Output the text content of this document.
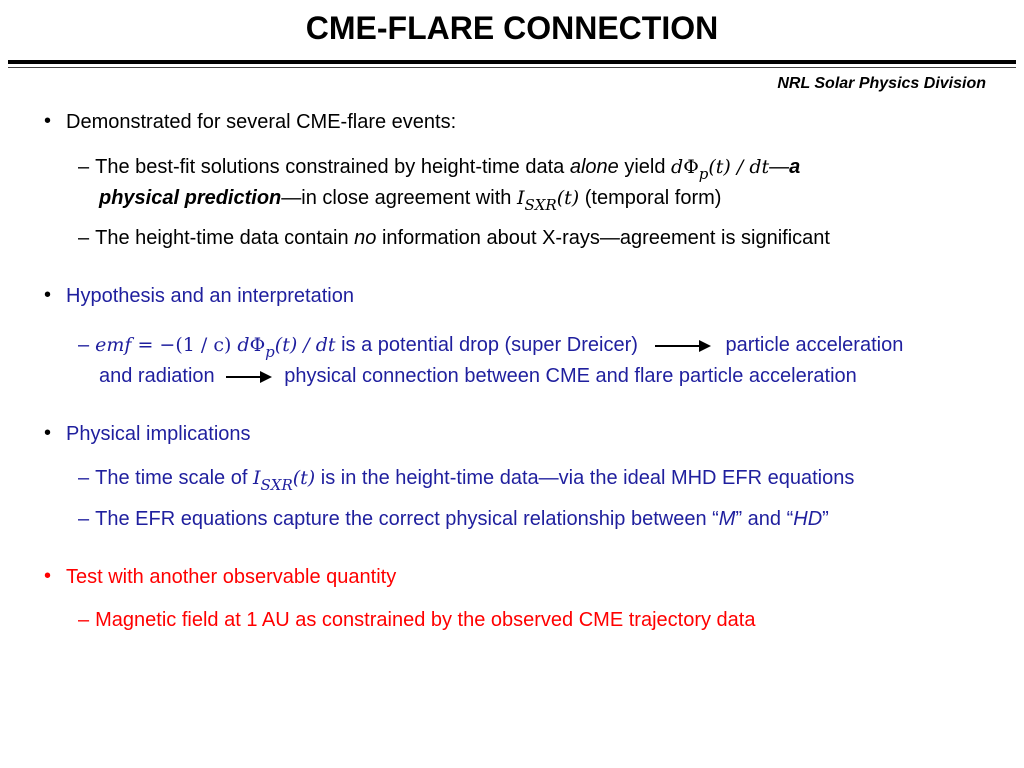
CME-FLARE CONNECTION
NRL Solar Physics Division
• Demonstrated for several CME-flare events:
– The best-fit solutions constrained by height-time data alone yield $d\Phi_p(t)$ / dt—a
physical prediction—in close agreement with $I_{SXR}(t)$ (temporal form)
– The height-time data contain no information about X-rays—agreement is significant
• Hypothesis and an interpretation
– emf = −(1 / c) $d\Phi_p(t)$ / dt is a potential drop (super Dreicer)	particle acceleration
and radiation	physical connection between CME and flare particle acceleration
• Physical implications
– The time scale of $I_{SXR}(t)$ is in the height-time data—via the ideal MHD EFR equations
– The EFR equations capture the correct physical relationship between “M” and “HD”
• Test with another observable quantity
– Magnetic field at 1 AU as constrained by the observed CME trajectory data
